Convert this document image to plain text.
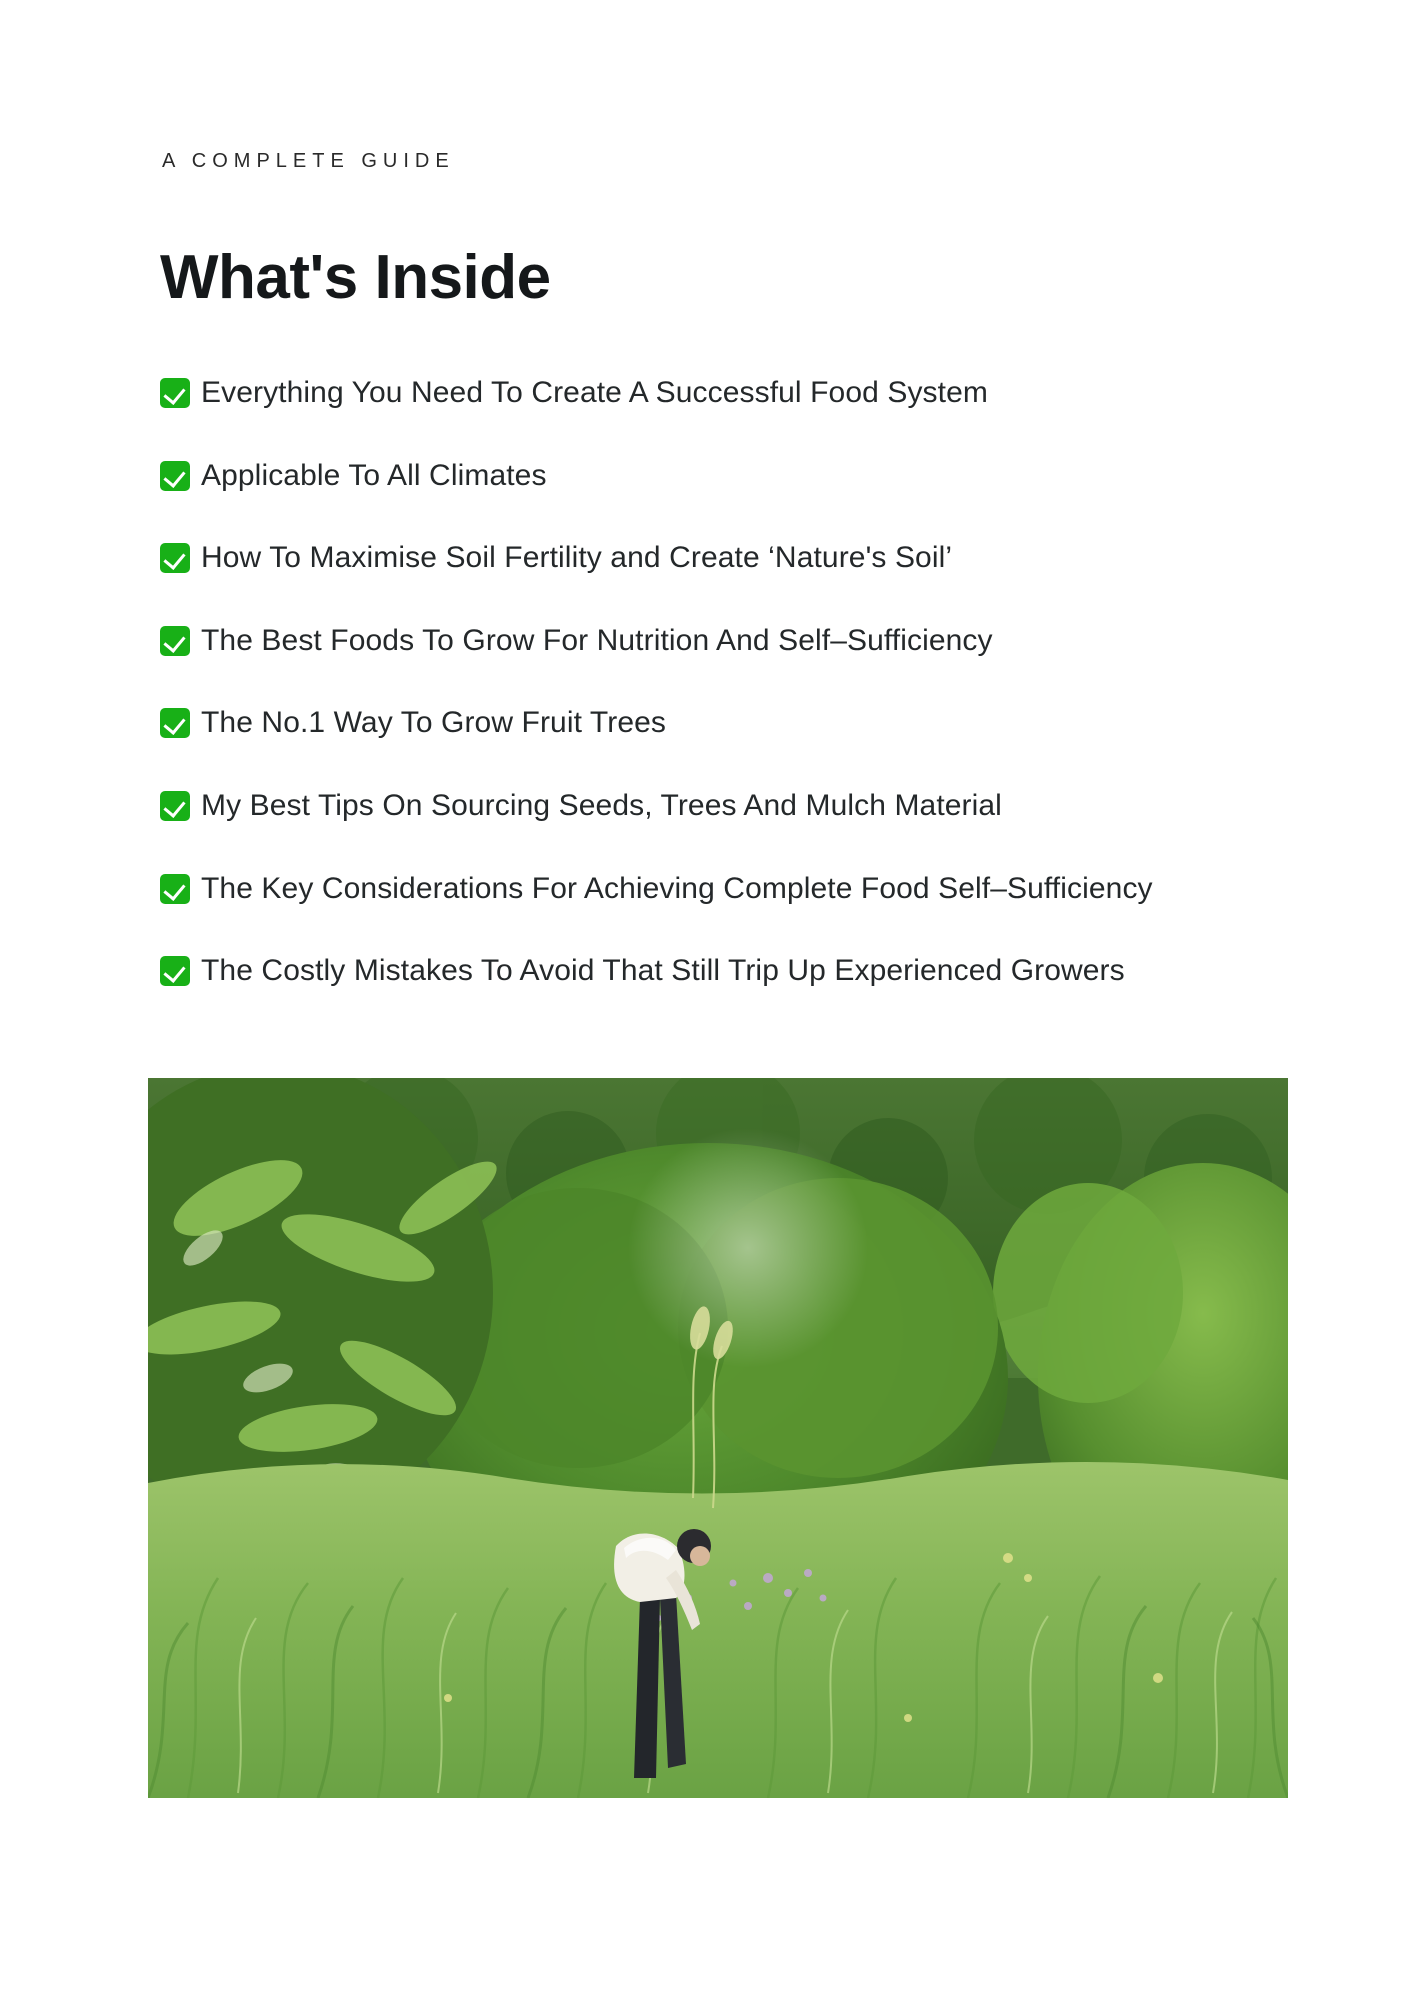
A COMPLETE GUIDE
What's Inside
Everything You Need To Create A Successful Food System
Applicable To All Climates
How To Maximise Soil Fertility and Create ‘Nature's Soil’
The Best Foods To Grow For Nutrition And Self–Sufficiency
The No.1 Way To Grow Fruit Trees
My Best Tips On Sourcing Seeds, Trees And Mulch Material
The Key Considerations For Achieving Complete Food Self–Sufficiency
The Costly Mistakes To Avoid That Still Trip Up Experienced Growers
